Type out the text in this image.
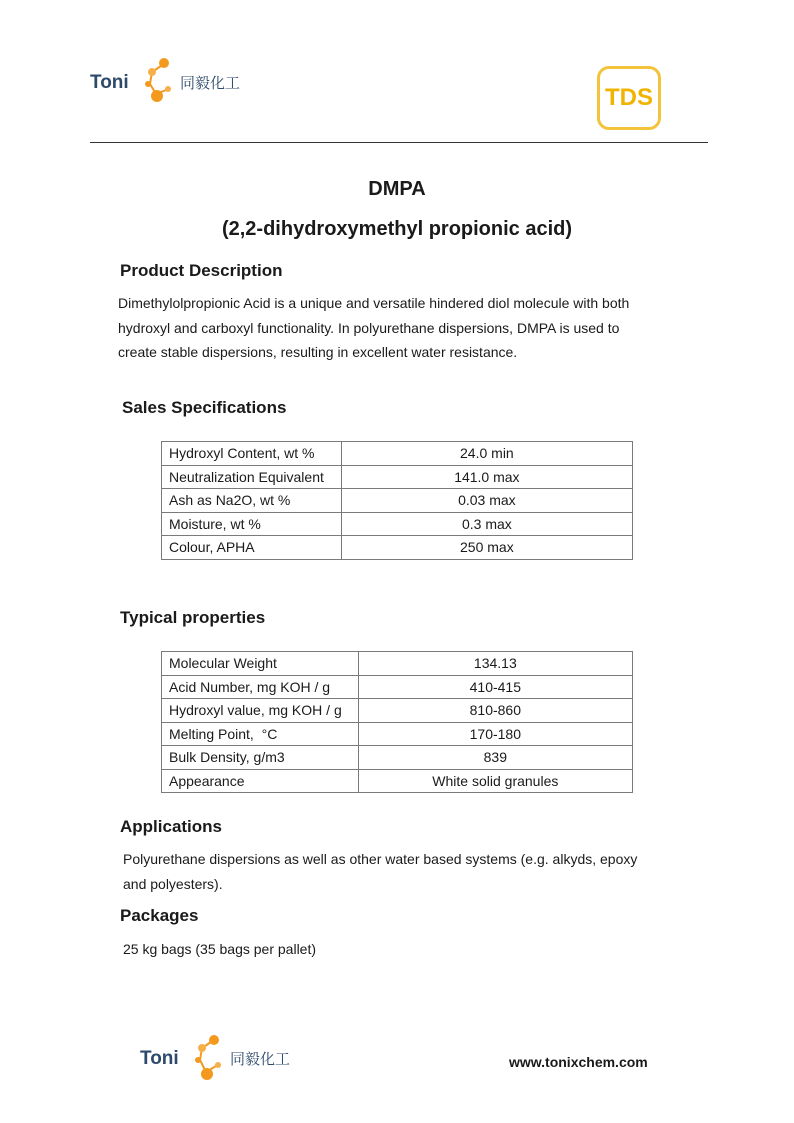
Toni	同毅化工
TDS
DMPA
(2,2-dihydroxymethyl propionic acid)
Product Description
Dimethylolpropionic Acid is a unique and versatile hindered diol molecule with both
hydroxyl and carboxyl functionality. In polyurethane dispersions, DMPA is used to
create stable dispersions, resulting in excellent water resistance.
Sales Specifications
Hydroxyl Content, wt %	24.0 min
Neutralization Equivalent	141.0 max
Ash as Na2O, wt %	0.03 max
Moisture, wt %	0.3 max
Colour, APHA	250 max
Typical properties
Molecular Weight	134.13
Acid Number, mg KOH / g	410-415
Hydroxyl value, mg KOH / g	810-860
Melting Point,  °C	170-180
Bulk Density, g/m3	839
Appearance	White solid granules
Applications
Polyurethane dispersions as well as other water based systems (e.g. alkyds, epoxy
and polyesters).
Packages
25 kg bags (35 bags per pallet)
Toni	同毅化工	www.tonixchem.com
